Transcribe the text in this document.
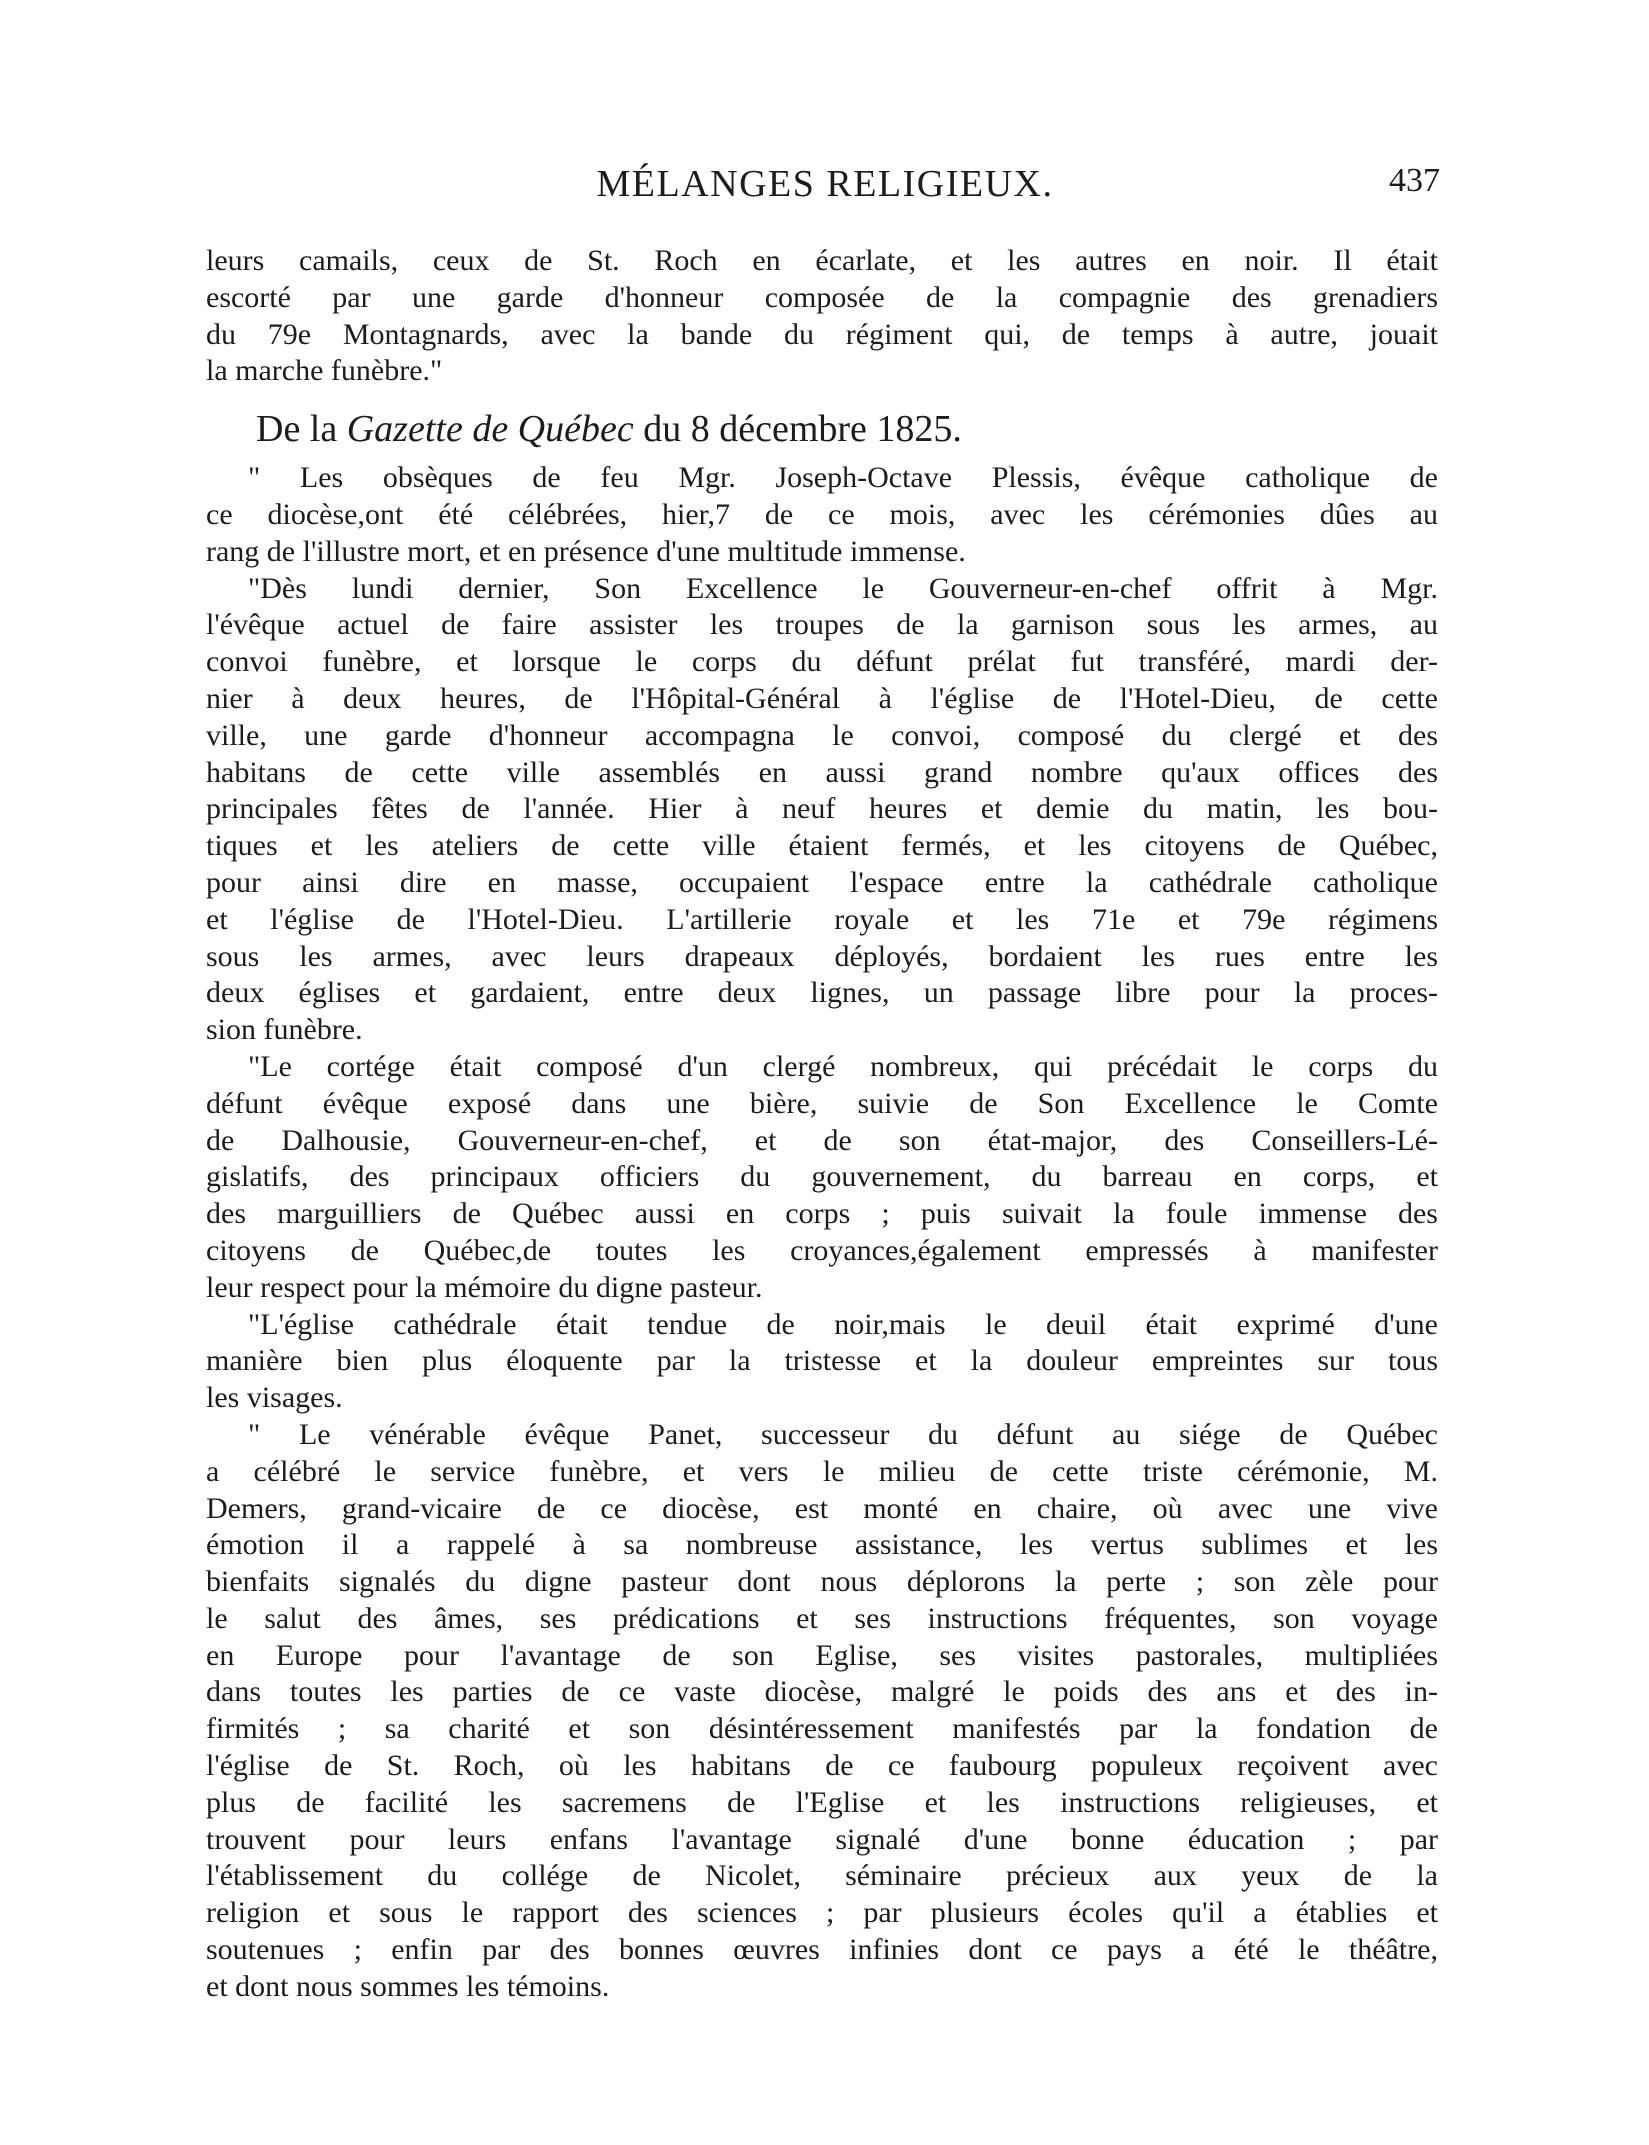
MÉLANGES RELIGIEUX.	437
leurs camails, ceux de St. Roch en écarlate, et les autres en noir. Il était
escorté par une garde d'honneur composée de la compagnie des grenadiers
du 79e Montagnards, avec la bande du régiment qui, de temps à autre, jouait
la marche funèbre."
De la Gazette de Québec du 8 décembre 1825.
" Les obsèques de feu Mgr. Joseph-Octave Plessis, évêque catholique de
ce diocèse,ont été célébrées, hier,7 de ce mois, avec les cérémonies dûes au
rang de l'illustre mort, et en présence d'une multitude immense.
"Dès lundi dernier, Son Excellence le Gouverneur-en-chef offrit à Mgr.
l'évêque actuel de faire assister les troupes de la garnison sous les armes, au
convoi funèbre, et lorsque le corps du défunt prélat fut transféré, mardi der-
nier à deux heures, de l'Hôpital-Général à l'église de l'Hotel-Dieu, de cette
ville, une garde d'honneur accompagna le convoi, composé du clergé et des
habitans de cette ville assemblés en aussi grand nombre qu'aux offices des
principales fêtes de l'année. Hier à neuf heures et demie du matin, les bou-
tiques et les ateliers de cette ville étaient fermés, et les citoyens de Québec,
pour ainsi dire en masse, occupaient l'espace entre la cathédrale catholique
et l'église de l'Hotel-Dieu. L'artillerie royale et les 71e et 79e régimens
sous les armes, avec leurs drapeaux déployés, bordaient les rues entre les
deux églises et gardaient, entre deux lignes, un passage libre pour la proces-
sion funèbre.
"Le cortége était composé d'un clergé nombreux, qui précédait le corps du
défunt évêque exposé dans une bière, suivie de Son Excellence le Comte
de Dalhousie, Gouverneur-en-chef, et de son état-major, des Conseillers-Lé-
gislatifs, des principaux officiers du gouvernement, du barreau en corps, et
des marguilliers de Québec aussi en corps ; puis suivait la foule immense des
citoyens de Québec,de toutes les croyances,également empressés à manifester
leur respect pour la mémoire du digne pasteur.
"L'église cathédrale était tendue de noir,mais le deuil était exprimé d'une
manière bien plus éloquente par la tristesse et la douleur empreintes sur tous
les visages.
" Le vénérable évêque Panet, successeur du défunt au siége de Québec
a célébré le service funèbre, et vers le milieu de cette triste cérémonie, M.
Demers, grand-vicaire de ce diocèse, est monté en chaire, où avec une vive
émotion il a rappelé à sa nombreuse assistance, les vertus sublimes et les
bienfaits signalés du digne pasteur dont nous déplorons la perte ; son zèle pour
le salut des âmes, ses prédications et ses instructions fréquentes, son voyage
en Europe pour l'avantage de son Eglise, ses visites pastorales, multipliées
dans toutes les parties de ce vaste diocèse, malgré le poids des ans et des in-
firmités ; sa charité et son désintéressement manifestés par la fondation de
l'église de St. Roch, où les habitans de ce faubourg populeux reçoivent avec
plus de facilité les sacremens de l'Eglise et les instructions religieuses, et
trouvent pour leurs enfans l'avantage signalé d'une bonne éducation ; par
l'établissement du collége de Nicolet, séminaire précieux aux yeux de la
religion et sous le rapport des sciences ; par plusieurs écoles qu'il a établies et
soutenues ; enfin par des bonnes œuvres infinies dont ce pays a été le théâtre,
et dont nous sommes les témoins.
